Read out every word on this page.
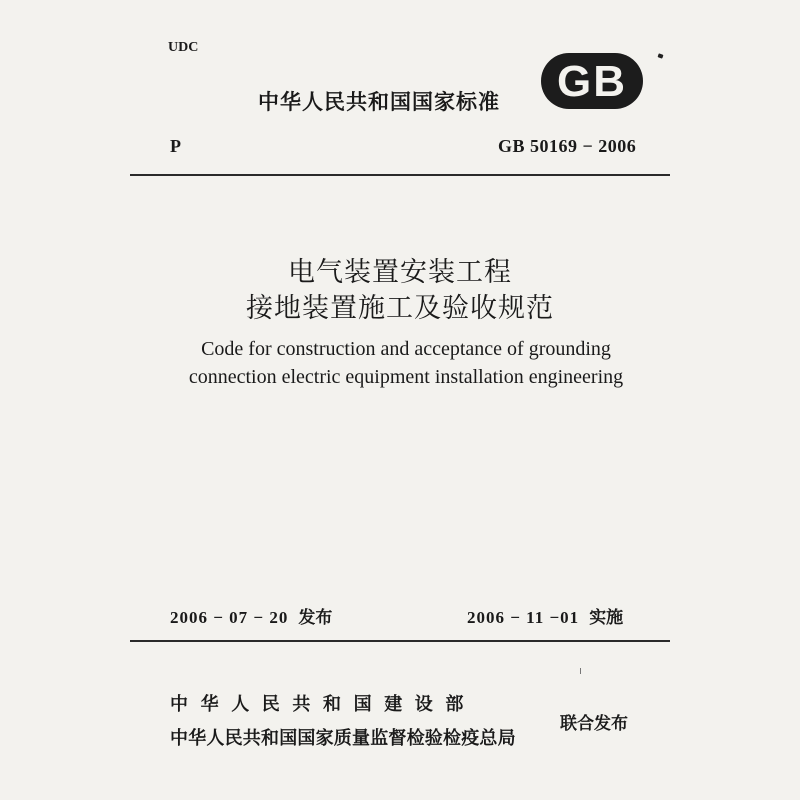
UDC
中华人民共和国国家标准 GB
P	GB 50169 − 2006
电气装置安装工程
接地装置施工及验收规范
Code for construction and acceptance of grounding
connection electric equipment installation engineering
2006 − 07 − 20 发布	2006 − 11 −01 实施
中华人民共和国建设部
中华人民共和国国家质量监督检验检疫总局
联合发布
